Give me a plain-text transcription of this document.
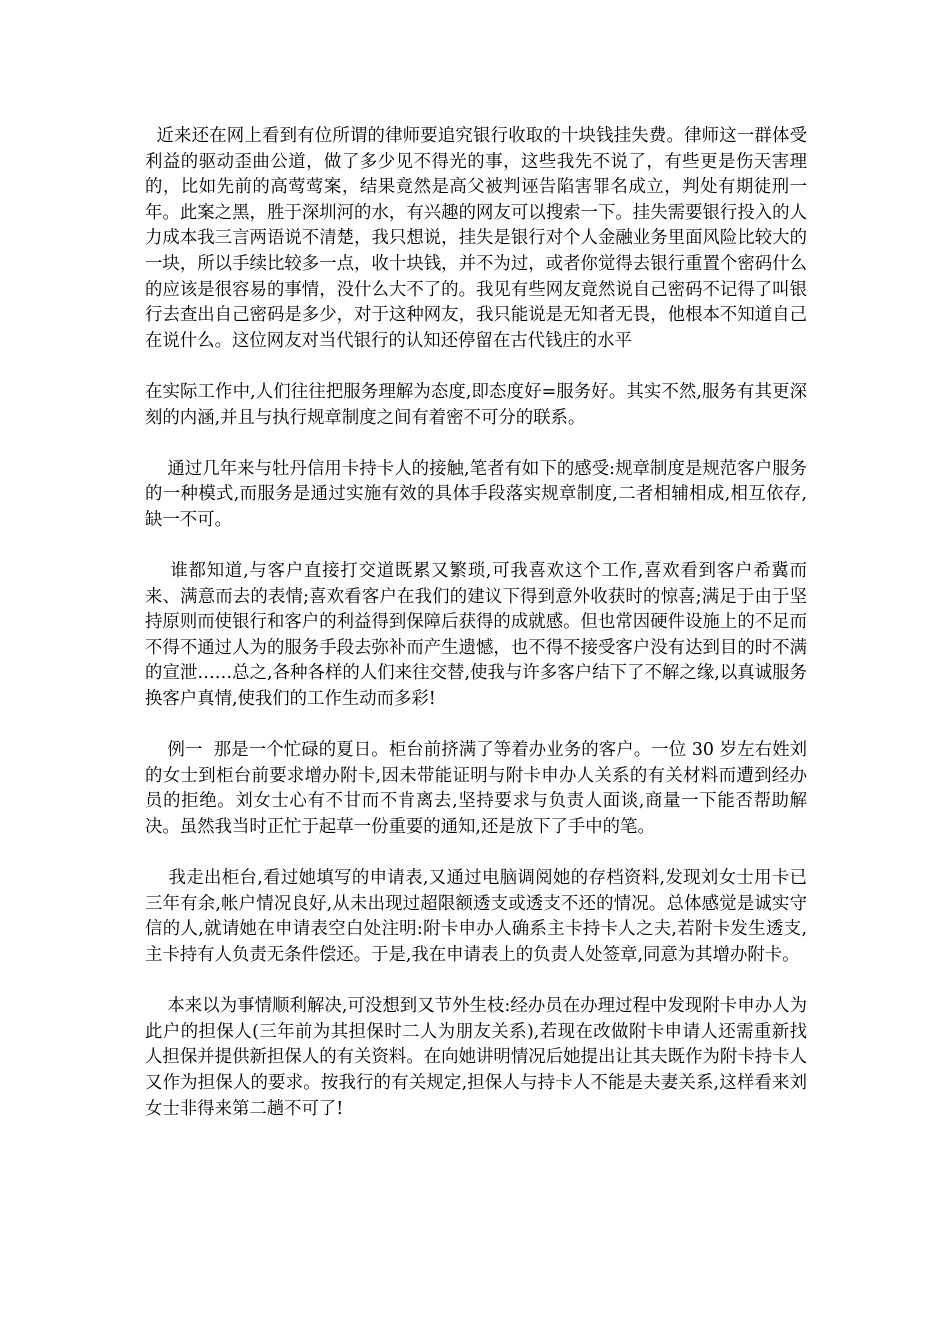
近来还在网上看到有位所谓的律师要追究银行收取的十块钱挂失费。律师这一群体受利益的驱动歪曲公道，做了多少见不得光的事，这些我先不说了，有些更是伤天害理的，比如先前的高莺莺案，结果竟然是高父被判诬告陷害罪名成立，判处有期徒刑一年。此案之黑，胜于深圳河的水，有兴趣的网友可以搜索一下。挂失需要银行投入的人力成本我三言两语说不清楚，我只想说，挂失是银行对个人金融业务里面风险比较大的一块，所以手续比较多一点，收十块钱，并不为过，或者你觉得去银行重置个密码什么的应该是很容易的事情，没什么大不了的。我见有些网友竟然说自己密码不记得了叫银行去查出自己密码是多少，对于这种网友，我只能说是无知者无畏，他根本不知道自己在说什么。这位网友对当代银行的认知还停留在古代钱庄的水平

在实际工作中,人们往往把服务理解为态度,即态度好=服务好。其实不然,服务有其更深刻的内涵,并且与执行规章制度之间有着密不可分的联系。

通过几年来与牡丹信用卡持卡人的接触,笔者有如下的感受:规章制度是规范客户服务的一种模式,而服务是通过实施有效的具体手段落实规章制度,二者相辅相成,相互依存,缺一不可。

谁都知道,与客户直接打交道既累又繁琐,可我喜欢这个工作,喜欢看到客户希冀而来、满意而去的表情;喜欢看客户在我们的建议下得到意外收获时的惊喜;满足于由于坚持原则而使银行和客户的利益得到保障后获得的成就感。但也常因硬件设施上的不足而不得不通过人为的服务手段去弥补而产生遗憾，也不得不接受客户没有达到目的时不满的宣泄……总之,各种各样的人们来往交替,使我与许多客户结下了不解之缘,以真诚服务换客户真情,使我们的工作生动而多彩!

例一  那是一个忙碌的夏日。柜台前挤满了等着办业务的客户。一位 30 岁左右姓刘的女士到柜台前要求增办附卡,因未带能证明与附卡申办人关系的有关材料而遭到经办员的拒绝。刘女士心有不甘而不肯离去,坚持要求与负责人面谈,商量一下能否帮助解决。虽然我当时正忙于起草一份重要的通知,还是放下了手中的笔。

我走出柜台,看过她填写的申请表,又通过电脑调阅她的存档资料,发现刘女士用卡已三年有余,帐户情况良好,从未出现过超限额透支或透支不还的情况。总体感觉是诚实守信的人,就请她在申请表空白处注明:附卡申办人确系主卡持卡人之夫,若附卡发生透支,主卡持有人负责无条件偿还。于是,我在申请表上的负责人处签章,同意为其增办附卡。

本来以为事情顺利解决,可没想到又节外生枝:经办员在办理过程中发现附卡申办人为此户的担保人(三年前为其担保时二人为朋友关系),若现在改做附卡申请人还需重新找人担保并提供新担保人的有关资料。在向她讲明情况后她提出让其夫既作为附卡持卡人又作为担保人的要求。按我行的有关规定,担保人与持卡人不能是夫妻关系,这样看来刘女士非得来第二趟不可了!
